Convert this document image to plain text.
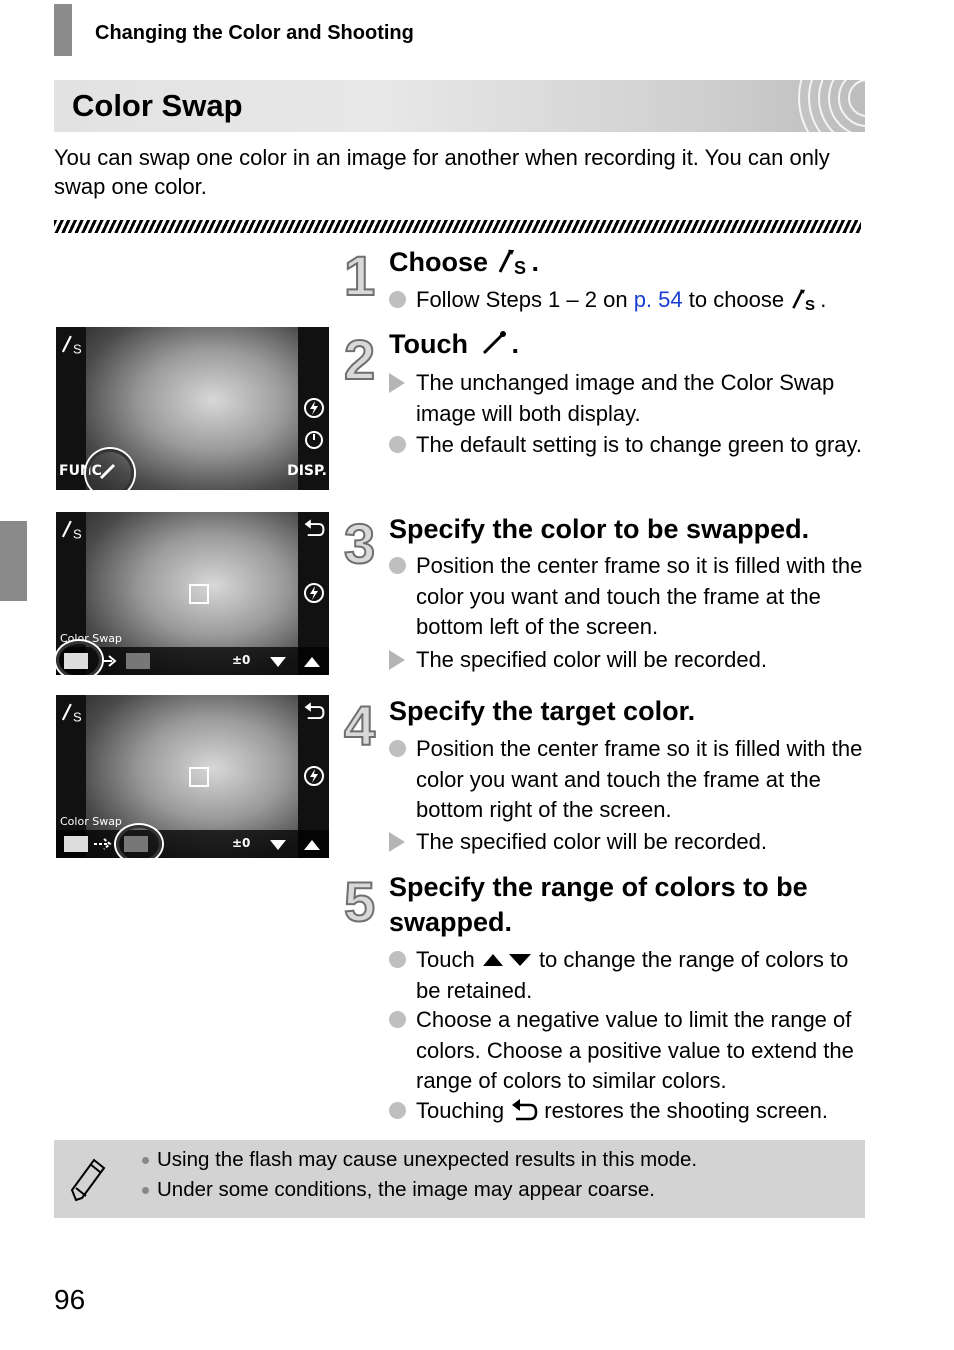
Changing the Color and Shooting
Color Swap
You can swap one color in an image for another when recording it. You can only swap one color.
1 Choose S .
Follow Steps 1 – 2 on p. 54 to choose S .
2 Touch .
The unchanged image and the Color Swap image will both display.
The default setting is to change green to gray.
3 Specify the color to be swapped.
Position the center frame so it is filled with the color you want and touch the frame at the bottom left of the screen.
The specified color will be recorded.
4 Specify the target color.
Position the center frame so it is filled with the color you want and touch the frame at the bottom right of the screen.
The specified color will be recorded.
5 Specify the range of colors to be swapped.
Touch  to change the range of colors to be retained.
Choose a negative value to limit the range of colors. Choose a positive value to extend the range of colors to similar colors.
Touching  restores the shooting screen.
S
FUNC	DISP.
S
Color Swap
±0
S
Color Swap
±0
Using the flash may cause unexpected results in this mode.
Under some conditions, the image may appear coarse.
96
